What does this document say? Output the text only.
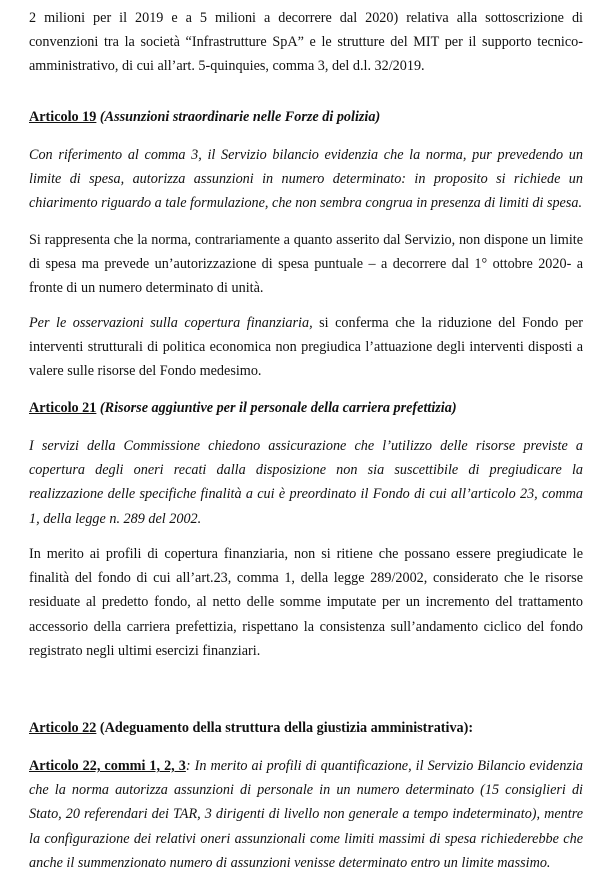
2 milioni per il 2019 e a 5 milioni a decorrere dal 2020) relativa alla sottoscrizione di convenzioni tra la società “Infrastrutture SpA” e le strutture del MIT per il supporto tecnico-amministrativo, di cui all’art. 5-quinquies, comma 3, del d.l. 32/2019.

Articolo 19 (Assunzioni straordinarie nelle Forze di polizia)

Con riferimento al comma 3, il Servizio bilancio evidenzia che la norma, pur prevedendo un limite di spesa, autorizza assunzioni in numero determinato: in proposito si richiede un chiarimento riguardo a tale formulazione, che non sembra congrua in presenza di limiti di spesa.

Si rappresenta che la norma, contrariamente a quanto asserito dal Servizio, non dispone un limite di spesa ma prevede un’autorizzazione di spesa puntuale – a decorrere dal 1° ottobre 2020- a fronte di un numero determinato di unità.

Per le osservazioni sulla copertura finanziaria, si conferma che la riduzione del Fondo per interventi strutturali di politica economica non pregiudica l’attuazione degli interventi disposti a valere sulle risorse del Fondo medesimo.

Articolo 21 (Risorse aggiuntive per il personale della carriera prefettizia)

I servizi della Commissione chiedono assicurazione che l’utilizzo delle risorse previste a copertura degli oneri recati dalla disposizione non sia suscettibile di pregiudicare la realizzazione delle specifiche finalità a cui è preordinato il Fondo di cui all’articolo 23, comma 1, della legge n. 289 del 2002.

In merito ai profili di copertura finanziaria, non si ritiene che possano essere pregiudicate le finalità del fondo di cui all’art.23, comma 1, della legge 289/2002, considerato che le risorse residuate al predetto fondo, al netto delle somme imputate per un incremento del trattamento accessorio della carriera prefettizia, rispettano la consistenza sull’andamento ciclico del fondo registrato negli ultimi esercizi finanziari.

Articolo 22 (Adeguamento della struttura della giustizia amministrativa):

Articolo 22, commi 1, 2, 3: In merito ai profili di quantificazione, il Servizio Bilancio evidenzia che la norma autorizza assunzioni di personale in un numero determinato (15 consiglieri di Stato, 20 referendari dei TAR, 3 dirigenti di livello non generale a tempo indeterminato), mentre la configurazione dei relativi oneri assunzionali come limiti massimi di spesa richiederebbe che anche il summenzionato numero di assunzioni venisse determinato entro un limite massimo.
